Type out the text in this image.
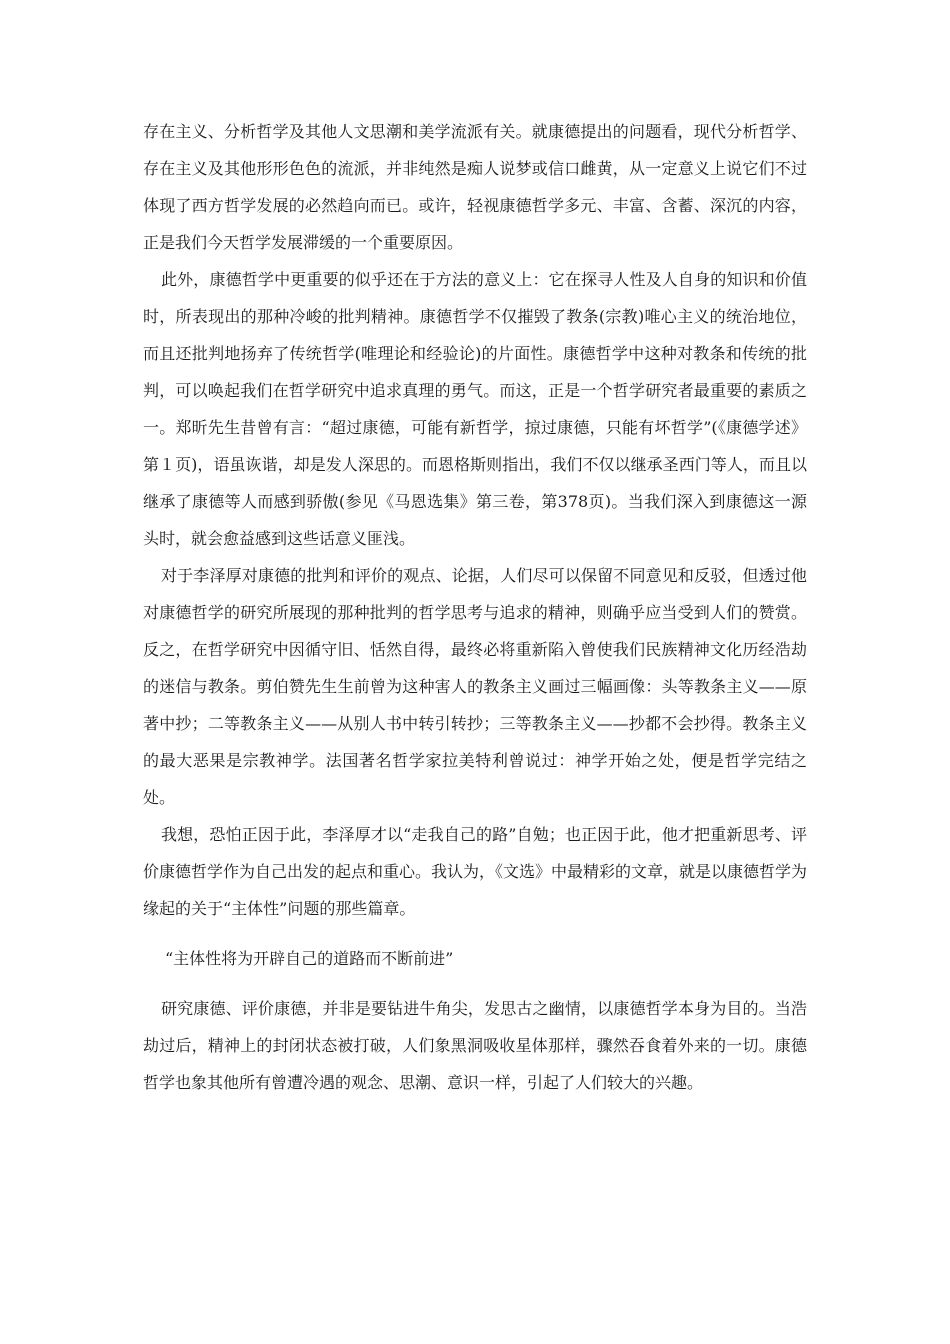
存在主义、分析哲学及其他人文思潮和美学流派有关。就康德提出的问题看，现代分析哲学、存在主义及其他形形色色的流派，并非纯然是痴人说梦或信口雌黄，从一定意义上说它们不过体现了西方哲学发展的必然趋向而已。或许，轻视康德哲学多元、丰富、含蓄、深沉的内容，正是我们今天哲学发展滞缓的一个重要原因。

此外，康德哲学中更重要的似乎还在于方法的意义上：它在探寻人性及人自身的知识和价值时，所表现出的那种冷峻的批判精神。康德哲学不仅摧毁了教条(宗教)唯心主义的统治地位，而且还批判地扬弃了传统哲学(唯理论和经验论)的片面性。康德哲学中这种对教条和传统的批判，可以唤起我们在哲学研究中追求真理的勇气。而这，正是一个哲学研究者最重要的素质之一。郑昕先生昔曾有言：“超过康德，可能有新哲学，掠过康德，只能有坏哲学”(《康德学述》第１页)，语虽诙谐，却是发人深思的。而恩格斯则指出，我们不仅以继承圣西门等人，而且以继承了康德等人而感到骄傲(参见《马恩选集》第三卷，第378页)。当我们深入到康德这一源头时，就会愈益感到这些话意义匪浅。

对于李泽厚对康德的批判和评价的观点、论据，人们尽可以保留不同意见和反驳，但透过他对康德哲学的研究所展现的那种批判的哲学思考与追求的精神，则确乎应当受到人们的赞赏。反之，在哲学研究中因循守旧、恬然自得，最终必将重新陷入曾使我们民族精神文化历经浩劫的迷信与教条。剪伯赞先生生前曾为这种害人的教条主义画过三幅画像：头等教条主义——原著中抄；二等教条主义——从别人书中转引转抄；三等教条主义——抄都不会抄得。教条主义的最大恶果是宗教神学。法国著名哲学家拉美特利曾说过：神学开始之处，便是哲学完结之处。

我想，恐怕正因于此，李泽厚才以“走我自己的路”自勉；也正因于此，他才把重新思考、评价康德哲学作为自己出发的起点和重心。我认为，《文选》中最精彩的文章，就是以康德哲学为缘起的关于“主体性”问题的那些篇章。

“主体性将为开辟自己的道路而不断前进”

研究康德、评价康德，并非是要钻进牛角尖，发思古之幽情，以康德哲学本身为目的。当浩劫过后，精神上的封闭状态被打破，人们象黑洞吸收星体那样，骤然吞食着外来的一切。康德哲学也象其他所有曾遭冷遇的观念、思潮、意识一样，引起了人们较大的兴趣。
